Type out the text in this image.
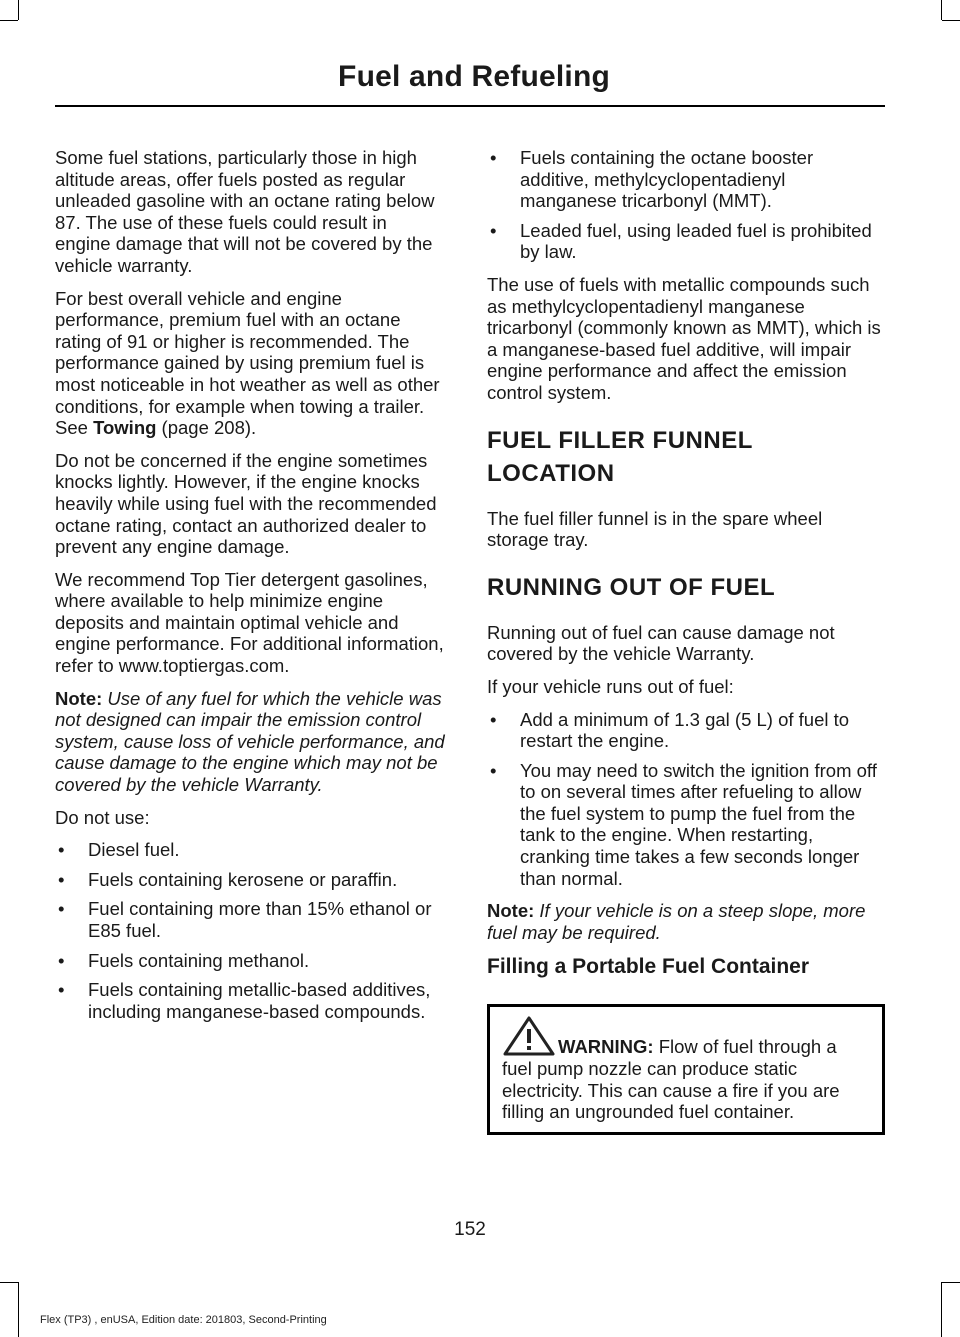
Fuel and Refueling

Some fuel stations, particularly those in high altitude areas, offer fuels posted as regular unleaded gasoline with an octane rating below 87. The use of these fuels could result in engine damage that will not be covered by the vehicle warranty.

For best overall vehicle and engine performance, premium fuel with an octane rating of 91 or higher is recommended. The performance gained by using premium fuel is most noticeable in hot weather as well as other conditions, for example when towing a trailer. See Towing (page 208).

Do not be concerned if the engine sometimes knocks lightly. However, if the engine knocks heavily while using fuel with the recommended octane rating, contact an authorized dealer to prevent any engine damage.

We recommend Top Tier detergent gasolines, where available to help minimize engine deposits and maintain optimal vehicle and engine performance. For additional information, refer to www.toptiergas.com.

Note: Use of any fuel for which the vehicle was not designed can impair the emission control system, cause loss of vehicle performance, and cause damage to the engine which may not be covered by the vehicle Warranty.

Do not use:

• Diesel fuel.
• Fuels containing kerosene or paraffin.
• Fuel containing more than 15% ethanol or E85 fuel.
• Fuels containing methanol.
• Fuels containing metallic-based additives, including manganese-based compounds.
• Fuels containing the octane booster additive, methylcyclopentadienyl manganese tricarbonyl (MMT).
• Leaded fuel, using leaded fuel is prohibited by law.

The use of fuels with metallic compounds such as methylcyclopentadienyl manganese tricarbonyl (commonly known as MMT), which is a manganese-based fuel additive, will impair engine performance and affect the emission control system.

FUEL FILLER FUNNEL
LOCATION

The fuel filler funnel is in the spare wheel storage tray.

RUNNING OUT OF FUEL

Running out of fuel can cause damage not covered by the vehicle Warranty.

If your vehicle runs out of fuel:

• Add a minimum of 1.3 gal (5 L) of fuel to restart the engine.
• You may need to switch the ignition from off to on several times after refueling to allow the fuel system to pump the fuel from the tank to the engine. When restarting, cranking time takes a few seconds longer than normal.

Note: If your vehicle is on a steep slope, more fuel may be required.

Filling a Portable Fuel Container
WARNING: Flow of fuel through a fuel pump nozzle can produce static electricity. This can cause a fire if you are filling an ungrounded fuel container.
152
Flex (TP3) , enUSA, Edition date: 201803, Second-Printing
